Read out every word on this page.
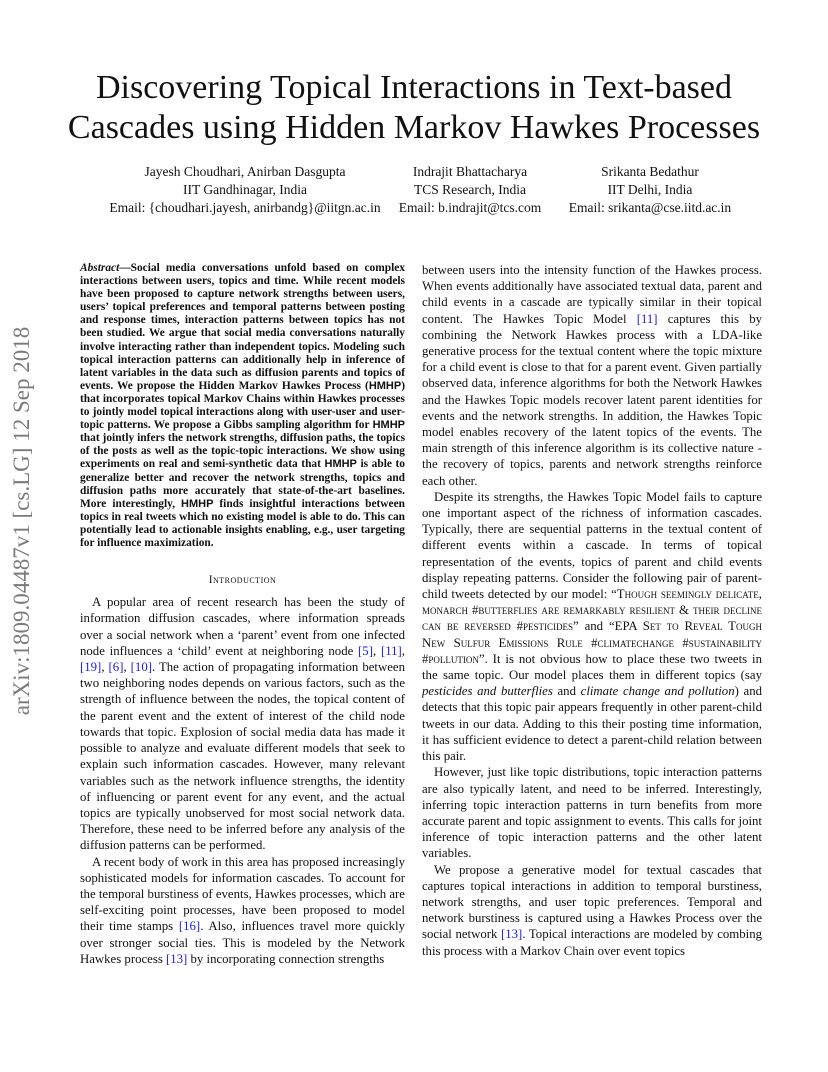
Discovering Topical Interactions in Text-based Cascades using Hidden Markov Hawkes Processes
Jayesh Choudhari, Anirban Dasgupta
IIT Gandhinagar, India
Email: {choudhari.jayesh, anirbandg}@iitgn.ac.in
Indrajit Bhattacharya
TCS Research, India
Email: b.indrajit@tcs.com
Srikanta Bedathur
IIT Delhi, India
Email: srikanta@cse.iitd.ac.in
arXiv:1809.04487v1 [cs.LG] 12 Sep 2018

Abstract—Social media conversations unfold based on complex interactions between users, topics and time. While recent models have been proposed to capture network strengths between users, users’ topical preferences and temporal patterns between posting and response times, interaction patterns between topics has not been studied. We argue that social media conversations naturally involve interacting rather than independent topics. Modeling such topical interaction patterns can additionally help in inference of latent variables in the data such as diffusion parents and topics of events. We propose the Hidden Markov Hawkes Process (HMHP) that incorporates topical Markov Chains within Hawkes processes to jointly model topical interactions along with user-user and user-topic patterns. We propose a Gibbs sampling algorithm for HMHP that jointly infers the network strengths, diffusion paths, the topics of the posts as well as the topic-topic interactions. We show using experiments on real and semi-synthetic data that HMHP is able to generalize better and recover the network strengths, topics and diffusion paths more accurately that state-of-the-art baselines. More interestingly, HMHP finds insightful interactions between topics in real tweets which no existing model is able to do. This can potentially lead to actionable insights enabling, e.g., user targeting for influence maximization.

Introduction

A popular area of recent research has been the study of information diffusion cascades, where information spreads over a social network when a ‘parent’ event from one infected node influences a ‘child’ event at neighboring node [5], [11], [19], [6], [10]. The action of propagating information between two neighboring nodes depends on various factors, such as the strength of influence between the nodes, the topical content of the parent event and the extent of interest of the child node towards that topic. Explosion of social media data has made it possible to analyze and evaluate different models that seek to explain such information cascades. However, many relevant variables such as the network influence strengths, the identity of influencing or parent event for any event, and the actual topics are typically unobserved for most social network data. Therefore, these need to be inferred before any analysis of the diffusion patterns can be performed.

A recent body of work in this area has proposed increasingly sophisticated models for information cascades. To account for the temporal burstiness of events, Hawkes processes, which are self-exciting point processes, have been proposed to model their time stamps [16]. Also, influences travel more quickly over stronger social ties. This is modeled by the Network Hawkes process [13] by incorporating connection strengths

between users into the intensity function of the Hawkes process. When events additionally have associated textual data, parent and child events in a cascade are typically similar in their topical content. The Hawkes Topic Model [11] captures this by combining the Network Hawkes process with a LDA-like generative process for the textual content where the topic mixture for a child event is close to that for a parent event. Given partially observed data, inference algorithms for both the Network Hawkes and the Hawkes Topic models recover latent parent identities for events and the network strengths. In addition, the Hawkes Topic model enables recovery of the latent topics of the events. The main strength of this inference algorithm is its collective nature - the recovery of topics, parents and network strengths reinforce each other.

Despite its strengths, the Hawkes Topic Model fails to capture one important aspect of the richness of information cascades. Typically, there are sequential patterns in the textual content of different events within a cascade. In terms of topical representation of the events, topics of parent and child events display repeating patterns. Consider the following pair of parent-child tweets detected by our model: “Though seemingly delicate, monarch #butterflies are remarkably resilient & their decline can be reversed #pesticides” and “EPA Set to Reveal Tough New Sulfur Emissions Rule #climatechange #sustainability #pollution”. It is not obvious how to place these two tweets in the same topic. Our model places them in different topics (say pesticides and butterflies and climate change and pollution) and detects that this topic pair appears frequently in other parent-child tweets in our data. Adding to this their posting time information, it has sufficient evidence to detect a parent-child relation between this pair.

However, just like topic distributions, topic interaction patterns are also typically latent, and need to be inferred. Interestingly, inferring topic interaction patterns in turn benefits from more accurate parent and topic assignment to events. This calls for joint inference of topic interaction patterns and the other latent variables.

We propose a generative model for textual cascades that captures topical interactions in addition to temporal burstiness, network strengths, and user topic preferences. Temporal and network burstiness is captured using a Hawkes Process over the social network [13]. Topical interactions are modeled by combing this process with a Markov Chain over event topics
